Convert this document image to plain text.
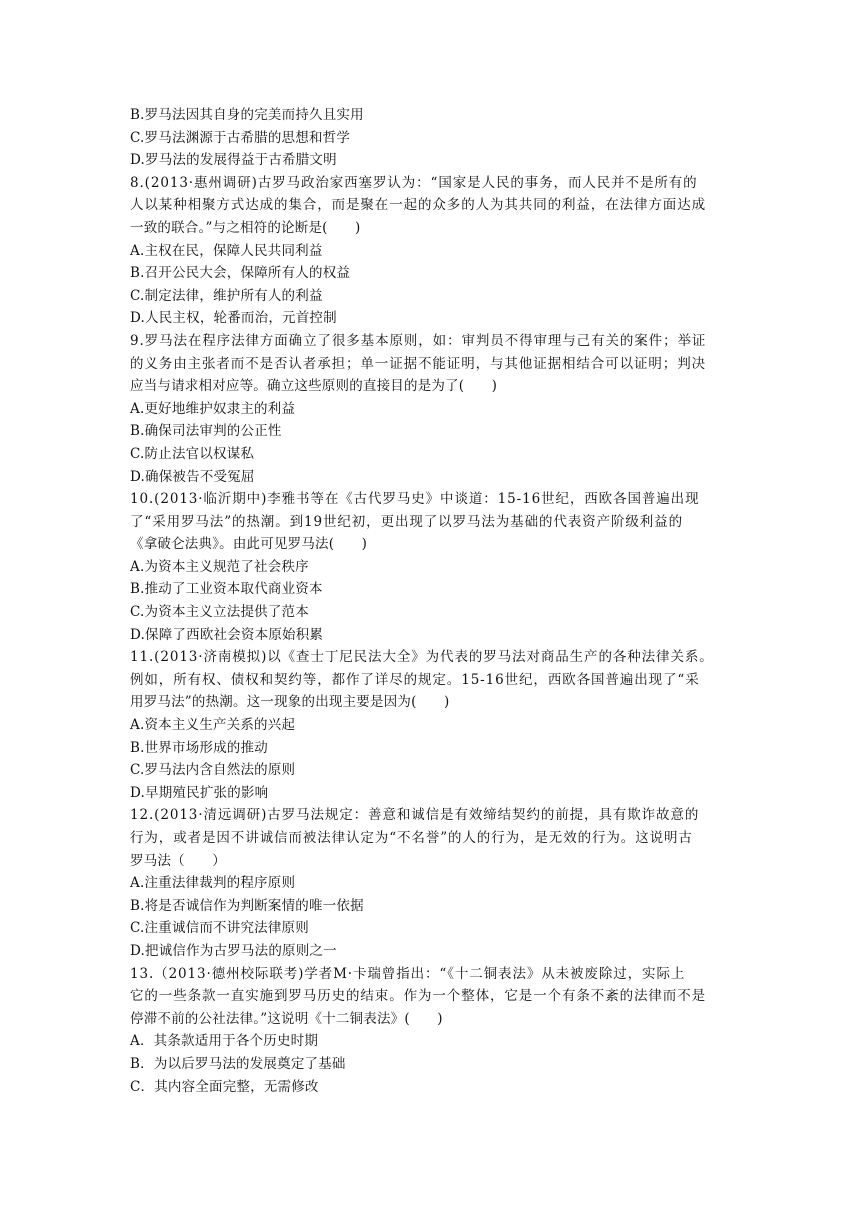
B.罗马法因其自身的完美而持久且实用
C.罗马法渊源于古希腊的思想和哲学
D.罗马法的发展得益于古希腊文明
8.(2013·惠州调研)古罗马政治家西塞罗认为：“国家是人民的事务，而人民并不是所有的
人以某种相聚方式达成的集合，而是聚在一起的众多的人为其共同的利益，在法律方面达成
一致的联合。”与之相符的论断是(　　)
A.主权在民，保障人民共同利益
B.召开公民大会，保障所有人的权益
C.制定法律，维护所有人的利益
D.人民主权，轮番而治，元首控制
9.罗马法在程序法律方面确立了很多基本原则，如：审判员不得审理与己有关的案件；举证
的义务由主张者而不是否认者承担；单一证据不能证明，与其他证据相结合可以证明；判决
应当与请求相对应等。确立这些原则的直接目的是为了(　　)
A.更好地维护奴隶主的利益
B.确保司法审判的公正性
C.防止法官以权谋私
D.确保被告不受冤屈
10.(2013·临沂期中)李雅书等在《古代罗马史》中谈道：15-16世纪，西欧各国普遍出现
了“采用罗马法”的热潮。到19世纪初，更出现了以罗马法为基础的代表资产阶级利益的
《拿破仑法典》。由此可见罗马法(　　)
A.为资本主义规范了社会秩序
B.推动了工业资本取代商业资本
C.为资本主义立法提供了范本
D.保障了西欧社会资本原始积累
11.(2013·济南模拟)以《查士丁尼民法大全》为代表的罗马法对商品生产的各种法律关系。
例如，所有权、债权和契约等，都作了详尽的规定。15-16世纪，西欧各国普遍出现了“采
用罗马法”的热潮。这一现象的出现主要是因为(　　)
A.资本主义生产关系的兴起
B.世界市场形成的推动
C.罗马法内含自然法的原则
D.早期殖民扩张的影响
12.(2013·清远调研)古罗马法规定：善意和诚信是有效缔结契约的前提，具有欺诈故意的
行为，或者是因不讲诚信而被法律认定为“不名誉”的人的行为，是无效的行为。这说明古
罗马法（　　）
A.注重法律裁判的程序原则
B.将是否诚信作为判断案情的唯一依据
C.注重诚信而不讲究法律原则
D.把诚信作为古罗马法的原则之一
13.（2013·德州校际联考)学者M·卡瑞曾指出：“《十二铜表法》从未被废除过，实际上
它的一些条款一直实施到罗马历史的结束。作为一个整体，它是一个有条不紊的法律而不是
停滞不前的公社法律。”这说明《十二铜表法》(　　)
A．其条款适用于各个历史时期
B．为以后罗马法的发展奠定了基础
C．其内容全面完整，无需修改
